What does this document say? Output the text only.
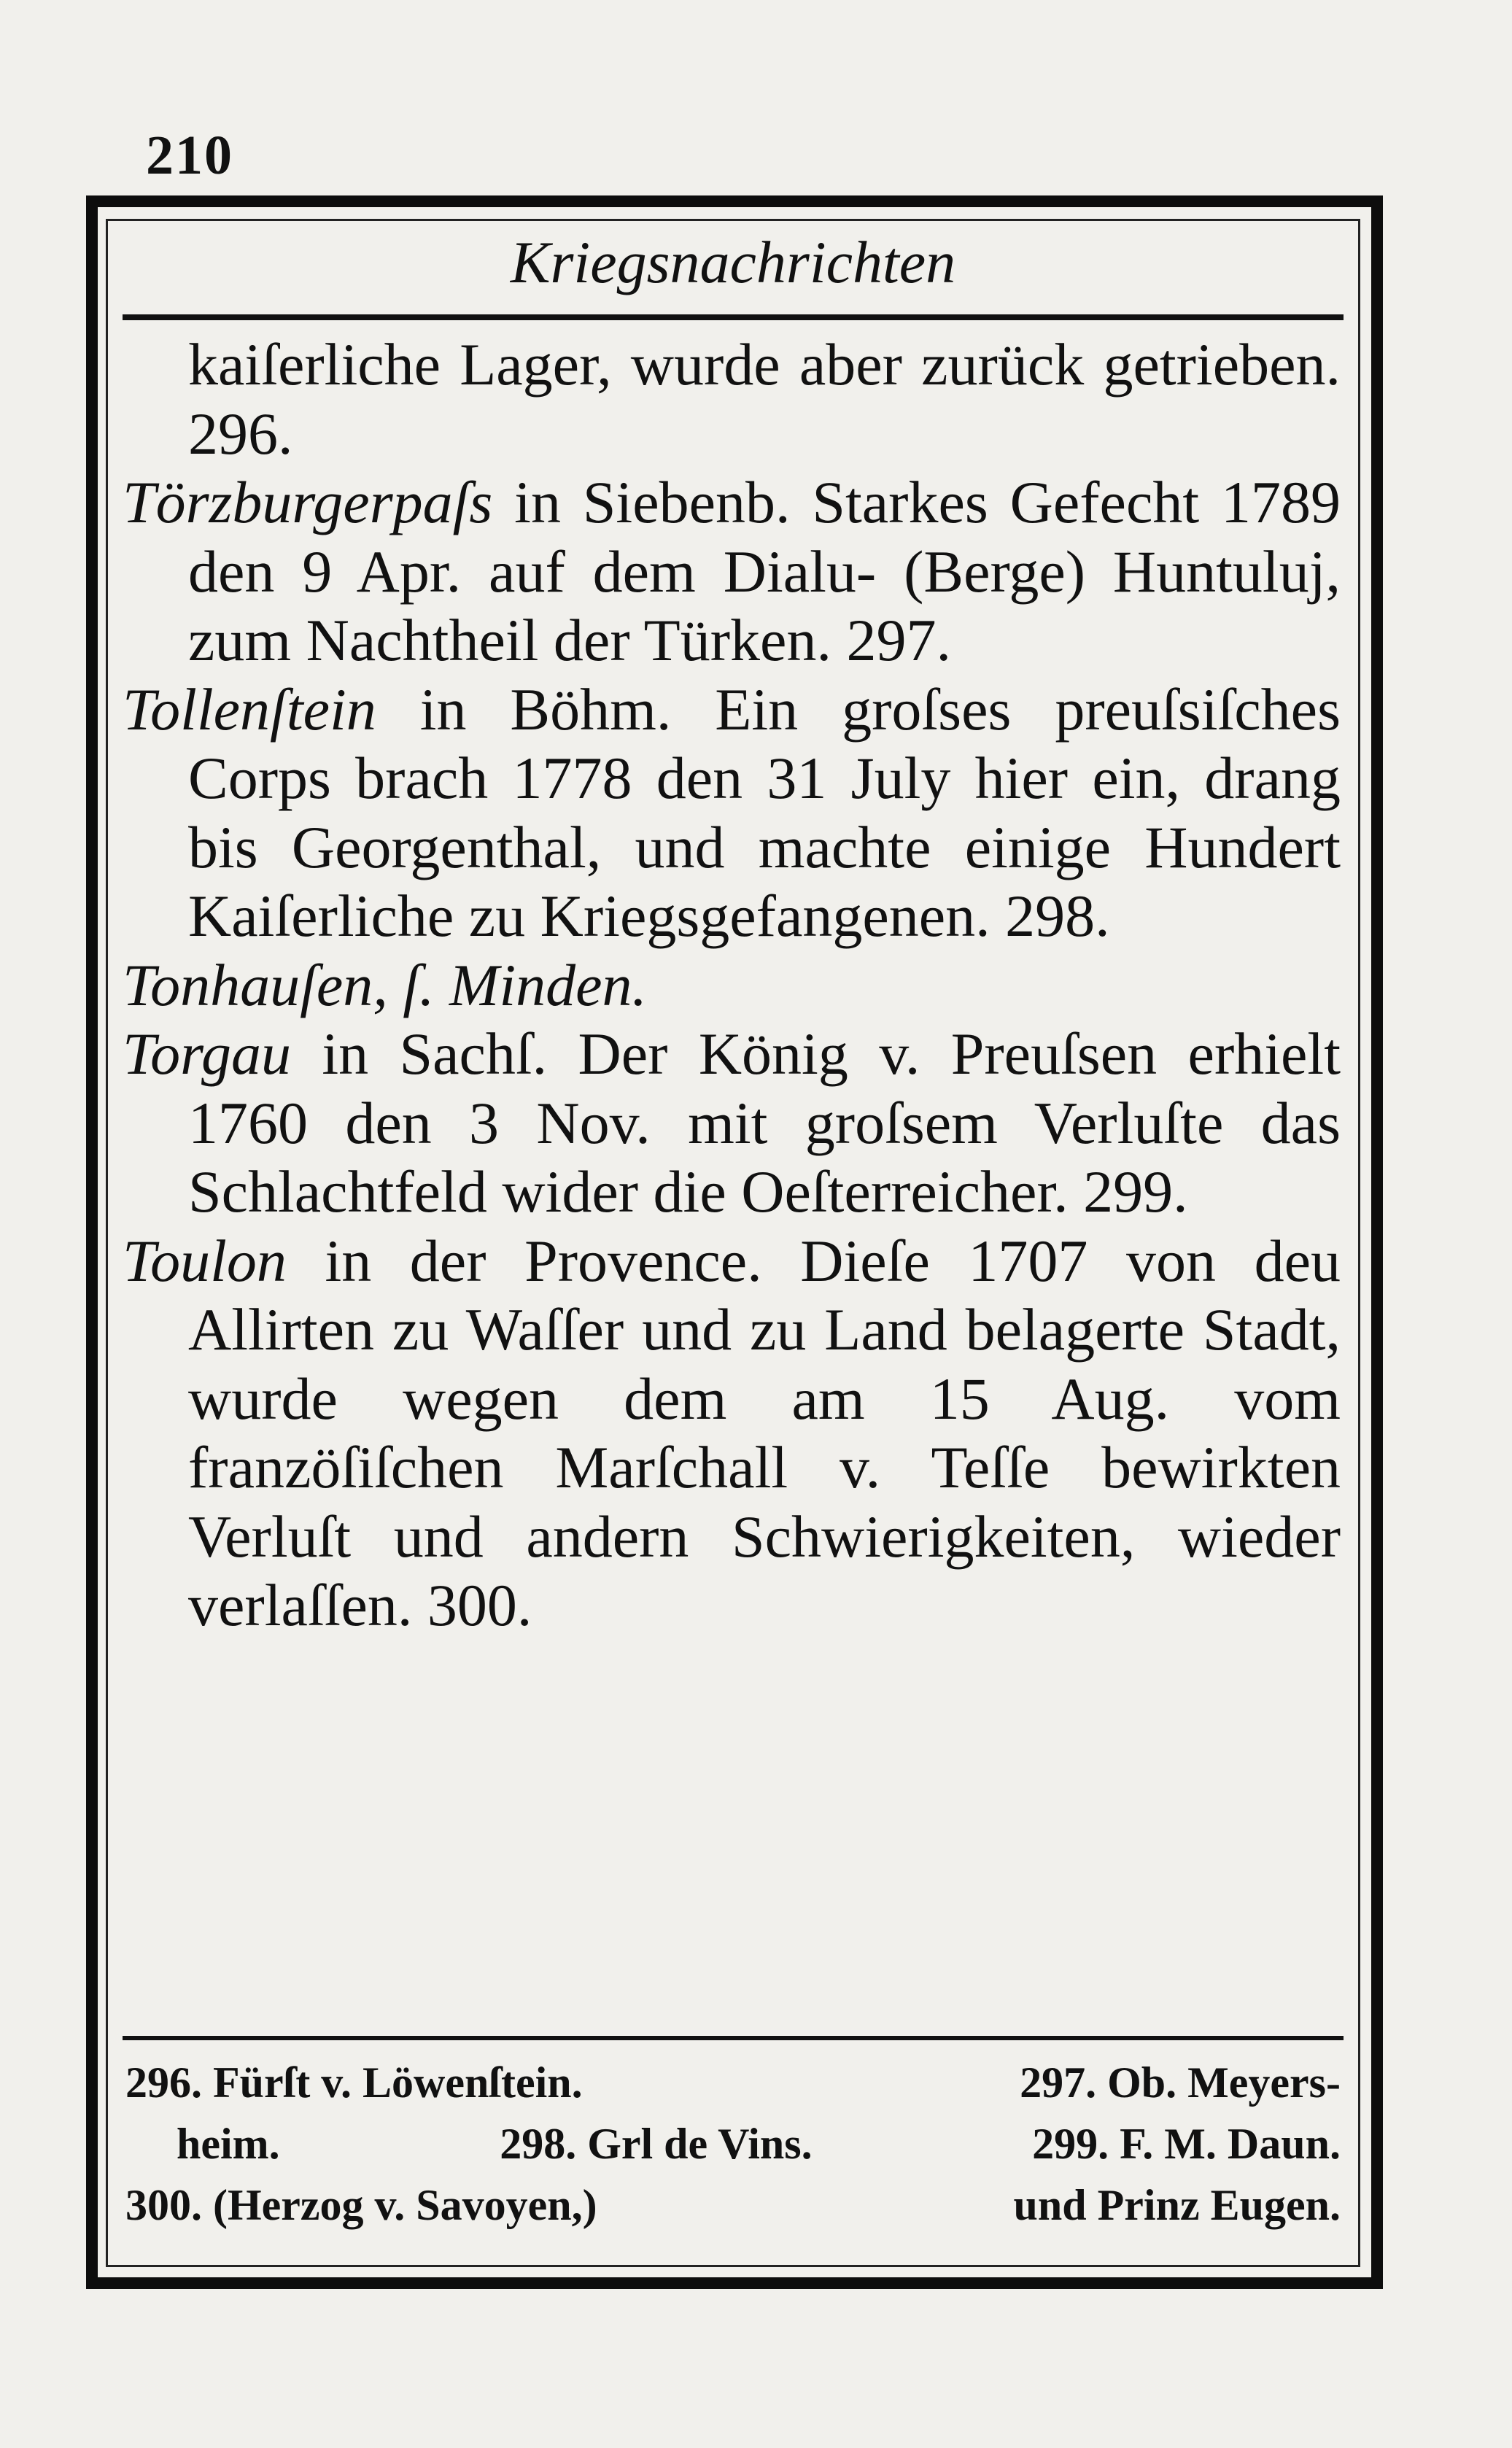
210
Kriegsnachrichten

kaiſerliche Lager, wurde aber zurück getrieben. 296.

Törzburgerpaſs in Siebenb. Starkes Gefecht 1789 den 9 Apr. auf dem Dialu- (Berge) Huntuluj, zum Nachtheil der Türken. 297.

Tollenſtein in Böhm. Ein groſses preuſsiſches Corps brach 1778 den 31 July hier ein, drang bis Georgenthal, und machte einige Hundert Kaiſerliche zu Kriegsgefangenen. 298.

Tonhauſen, ſ. Minden.

Torgau in Sachſ. Der König v. Preuſsen erhielt 1760 den 3 Nov. mit groſsem Verluſte das Schlachtfeld wider die Oeſterreicher. 299.

Toulon in der Provence. Dieſe 1707 von deu Allirten zu Waſſer und zu Land belagerte Stadt, wurde wegen dem am 15 Aug. vom franzöſiſchen Marſchall v. Teſſe bewirkten Verluſt und andern Schwierigkeiten, wieder verlaſſen. 300.

296. Fürſt v. Löwenſtein.	297. Ob. Meyers-
heim.	298. Grl de Vins.	299. F. M. Daun.
300. (Herzog v. Savoyen,)	und Prinz Eugen.
